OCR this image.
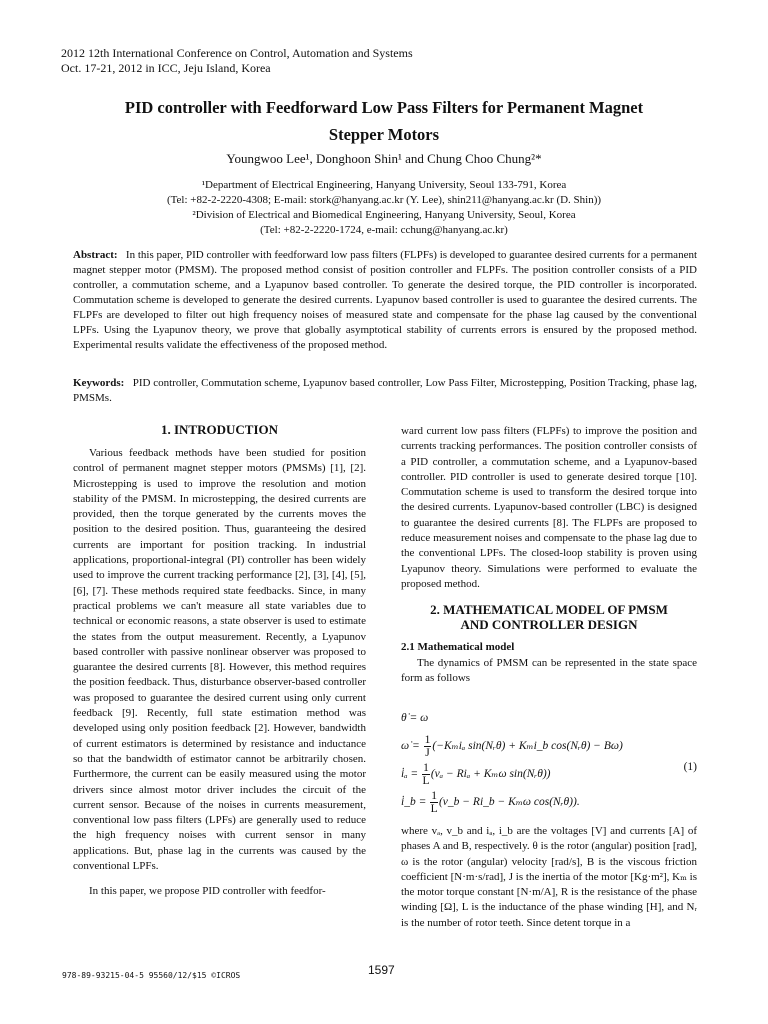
2012 12th International Conference on Control, Automation and Systems
Oct. 17-21, 2012 in ICC, Jeju Island, Korea
PID controller with Feedforward Low Pass Filters for Permanent Magnet
Stepper Motors
Youngwoo Lee¹, Donghoon Shin¹ and Chung Choo Chung²*
¹Department of Electrical Engineering, Hanyang University, Seoul 133-791, Korea
(Tel: +82-2-2220-4308; E-mail: stork@hanyang.ac.kr (Y. Lee), shin211@hanyang.ac.kr (D. Shin))
²Division of Electrical and Biomedical Engineering, Hanyang University, Seoul, Korea
(Tel: +82-2-2220-1724, e-mail: cchung@hanyang.ac.kr)
Abstract: In this paper, PID controller with feedforward low pass filters (FLPFs) is developed to guarantee desired currents for a permanent magnet stepper motor (PMSM). The proposed method consist of position controller and FLPFs. The position controller consists of a PID controller, a commutation scheme, and a Lyapunov based controller. To generate the desired torque, the PID controller is incorporated. Commutation scheme is developed to generate the desired currents. Lyapunov based controller is used to guarantee the desired currents. The FLPFs are developed to filter out high frequency noises of measured state and compensate for the phase lag caused by the conventional LPFs. Using the Lyapunov theory, we prove that globally asymptotical stability of currents errors is ensured by the proposed method. Experimental results validate the effectiveness of the proposed method.
Keywords: PID controller, Commutation scheme, Lyapunov based controller, Low Pass Filter, Microstepping, Position Tracking, phase lag, PMSMs.
1. INTRODUCTION

Various feedback methods have been studied for position control of permanent magnet stepper motors (PMSMs) [1], [2]. Microstepping is used to improve the resolution and motion stability of the PMSM. In microstepping, the desired currents are provided, then the torque generated by the currents moves the position to the desired position. Thus, guaranteeing the desired currents are important for position tracking. In industrial applications, proportional-integral (PI) controller has been widely used to improve the current tracking performance [2], [3], [4], [5], [6], [7]. These methods required state feedbacks. Since, in many practical problems we can't measure all state variables due to technical or economic reasons, a state observer is used to estimate the states from the output measurement. Recently, a Lyapunov based controller with passive nonlinear observer was proposed to guarantee the desired currents [8]. However, this method requires the position feedback. Thus, disturbance observer-based controller was proposed to guarantee the desired current using only current feedback [9]. Recently, full state estimation method was developed using only position feedback [2]. However, bandwidth of current estimators is determined by resistance and inductance so that the bandwidth of estimator cannot be arbitrarily chosen. Furthermore, the current can be easily measured using the motor drivers since almost motor driver includes the circuit of the current sensor. Because of the noises in currents measurement, conventional low pass filters (LPFs) are generally used to reduce the high frequency noises with current sensor in many applications. But, phase lag in the currents was caused by the conventional LPFs.

In this paper, we propose PID controller with feedfor-

ward current low pass filters (FLPFs) to improve the position and currents tracking performances. The position controller consists of a PID controller, a commutation scheme, and a Lyapunov-based controller. PID controller is used to generate desired torque [10]. Commutation scheme is used to transform the desired torque into the desired currents. Lyapunov-based controller (LBC) is designed to guarantee the desired currents [8]. The FLPFs are proposed to reduce measurement noises and compensate to the phase lag due to the conventional LPFs. The closed-loop stability is proven using Lyapunov theory. Simulations were performed to evaluate the proposed method.

2. MATHEMATICAL MODEL OF PMSM
AND CONTROLLER DESIGN
2.1 Mathematical model

The dynamics of PMSM can be represented in the state space form as follows

θ̇ = ω
ω̇ = $\frac{1}{J} (-K_mi_a$ sin(Nᵣθ) + Kₘi_b cos(Nᵣθ) − Bω)
i̇ₐ = $\frac{1}{L} (v_a - Ri_a + K_m\omega$ sin(Nᵣθ))
i̇_b = $\frac{1}{L}$ (v_b − Ri_b − Kₘω cos(Nᵣθ)).
(1)

where vₐ, v_b and iₐ, i_b are the voltages [V] and currents [A] of phases A and B, respectively. θ is the rotor (angular) position [rad], ω is the rotor (angular) velocity [rad/s], B is the viscous friction coefficient [N·m·s/rad], J is the inertia of the motor [Kg·m²], Kₘ is the motor torque constant [N·m/A], R is the resistance of the phase winding [Ω], L is the inductance of the phase winding [H], and Nᵣ is the number of rotor teeth. Since detent torque in a

978-89-93215-04-5 95560/12/$15 ©ICROS	1597
